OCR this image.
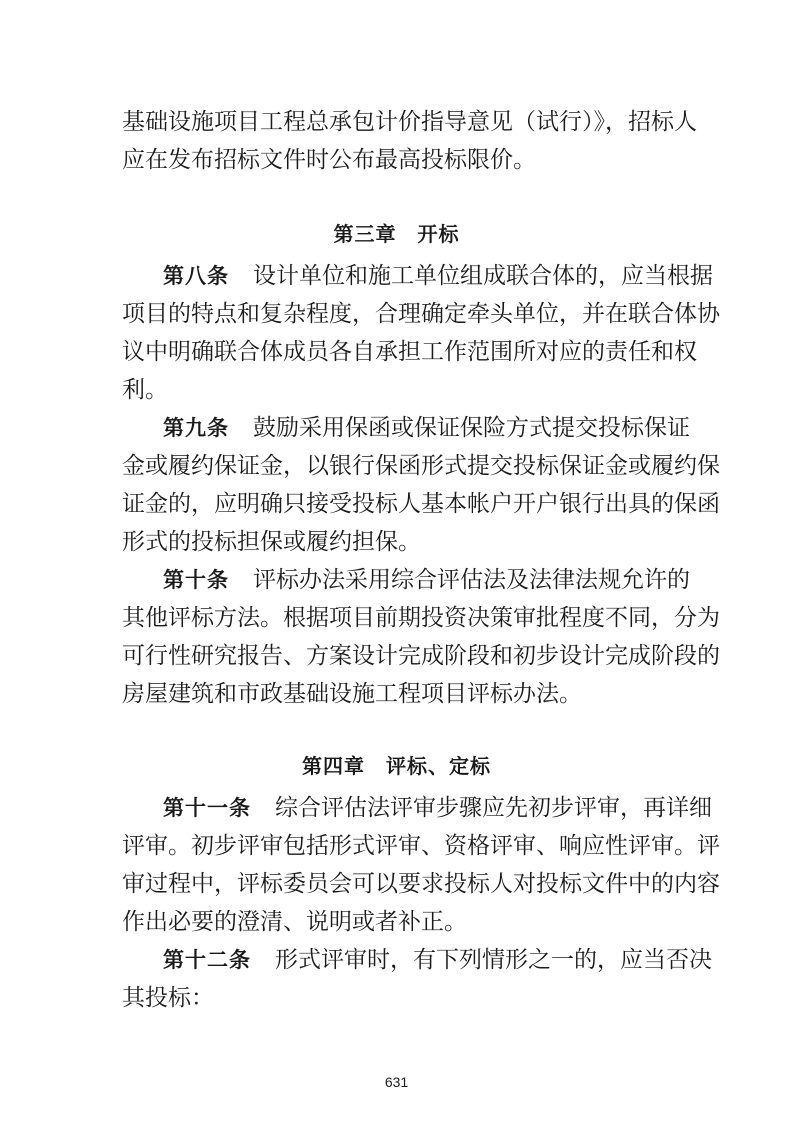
基础设施项目工程总承包计价指导意见（试行）》，招标人
应在发布招标文件时公布最高投标限价。
第三章　开标
第八条 设计单位和施工单位组成联合体的，应当根据
项目的特点和复杂程度，合理确定牵头单位，并在联合体协
议中明确联合体成员各自承担工作范围所对应的责任和权
利。
第九条 鼓励采用保函或保证保险方式提交投标保证
金或履约保证金，以银行保函形式提交投标保证金或履约保
证金的，应明确只接受投标人基本帐户开户银行出具的保函
形式的投标担保或履约担保。
第十条 评标办法采用综合评估法及法律法规允许的
其他评标方法。根据项目前期投资决策审批程度不同，分为
可行性研究报告、方案设计完成阶段和初步设计完成阶段的
房屋建筑和市政基础设施工程项目评标办法。
第四章　评标、定标
第十一条 综合评估法评审步骤应先初步评审，再详细
评审。初步评审包括形式评审、资格评审、响应性评审。评
审过程中，评标委员会可以要求投标人对投标文件中的内容
作出必要的澄清、说明或者补正。
第十二条 形式评审时，有下列情形之一的，应当否决
其投标：
631
